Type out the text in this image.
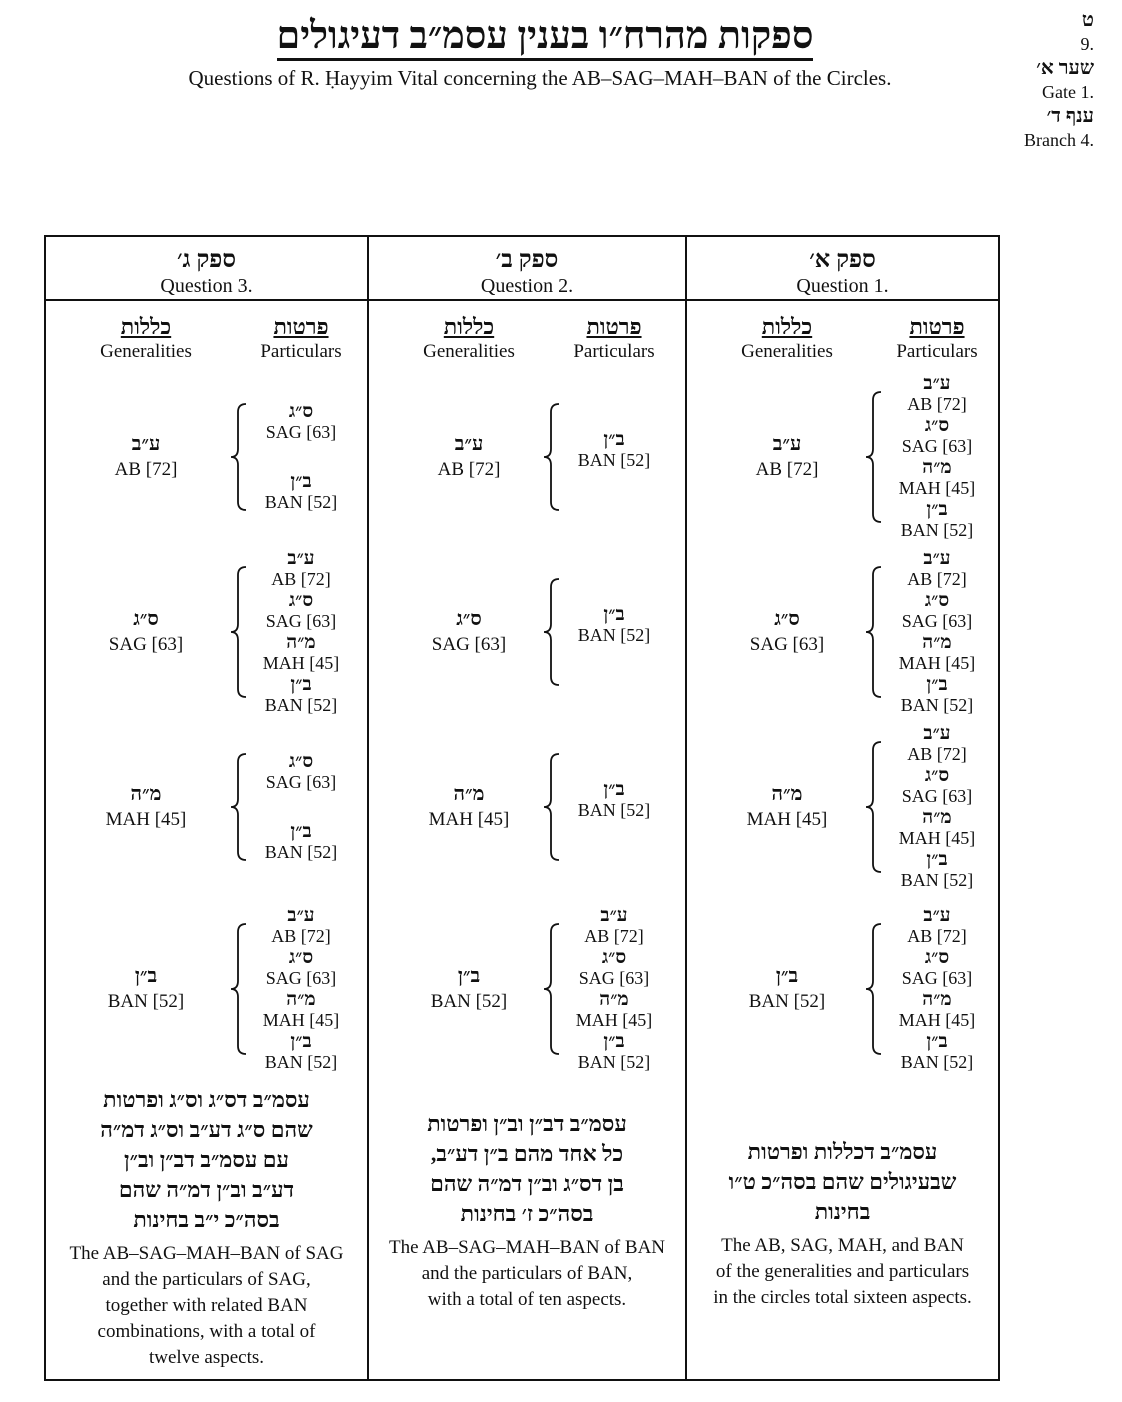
ספקות מהרח״ו בענין עסמ״ב דעיגולים
Questions of R. Ḥayyim Vital concerning the AB–SAG–MAH–BAN of the Circles.
ט
9.
שער א׳
Gate 1.
ענף ד׳
Branch 4.
ספק ג׳
Question 3.
כללות
Generalities
פרטות
Particulars
ע״ב
AB [72]
ס״ג
SAG [63]
ב״ן
BAN [52]
ס״ג
SAG [63]
ע״ב
AB [72]
ס״ג
SAG [63]
מ״ה
MAH [45]
ב״ן
BAN [52]
מ״ה
MAH [45]
ס״ג
SAG [63]
ב״ן
BAN [52]
ב״ן
BAN [52]
ע״ב
AB [72]
ס״ג
SAG [63]
מ״ה
MAH [45]
ב״ן
BAN [52]
עסמ״ב דס״ג וס״ג ופרטות
שהם ס״ג דע״ב וס״ג דמ״ה
עם עסמ״ב דב״ן וב״ן
דע״ב וב״ן דמ״ה שהם
בסה״כ י״ב בחינות
The AB–SAG–MAH–BAN of SAG
and the particulars of SAG,
together with related BAN
combinations, with a total of
twelve aspects.
ספק ב׳
Question 2.
כללות
Generalities
פרטות
Particulars
ע״ב
AB [72]
ב״ן
BAN [52]
ס״ג
SAG [63]
ב״ן
BAN [52]
מ״ה
MAH [45]
ב״ן
BAN [52]
ב״ן
BAN [52]
ע״ב
AB [72]
ס״ג
SAG [63]
מ״ה
MAH [45]
ב״ן
BAN [52]
עסמ״ב דב״ן וב״ן ופרטות
כל אחד מהם ב״ן דע״ב,
בן דס״ג וב״ן דמ״ה שהם
בסה״כ ז׳ בחינות
The AB–SAG–MAH–BAN of BAN
and the particulars of BAN,
with a total of ten aspects.
ספק א׳
Question 1.
כללות
Generalities
פרטות
Particulars
ע״ב
AB [72]
ע״ב
AB [72]
ס״ג
SAG [63]
מ״ה
MAH [45]
ב״ן
BAN [52]
ס״ג
SAG [63]
ע״ב
AB [72]
ס״ג
SAG [63]
מ״ה
MAH [45]
ב״ן
BAN [52]
מ״ה
MAH [45]
ע״ב
AB [72]
ס״ג
SAG [63]
מ״ה
MAH [45]
ב״ן
BAN [52]
ב״ן
BAN [52]
ע״ב
AB [72]
ס״ג
SAG [63]
מ״ה
MAH [45]
ב״ן
BAN [52]
עסמ״ב דכללות ופרטות
שבעיגולים שהם בסה״כ ט״ו
בחינות
The AB, SAG, MAH, and BAN
of the generalities and particulars
in the circles total sixteen aspects.
